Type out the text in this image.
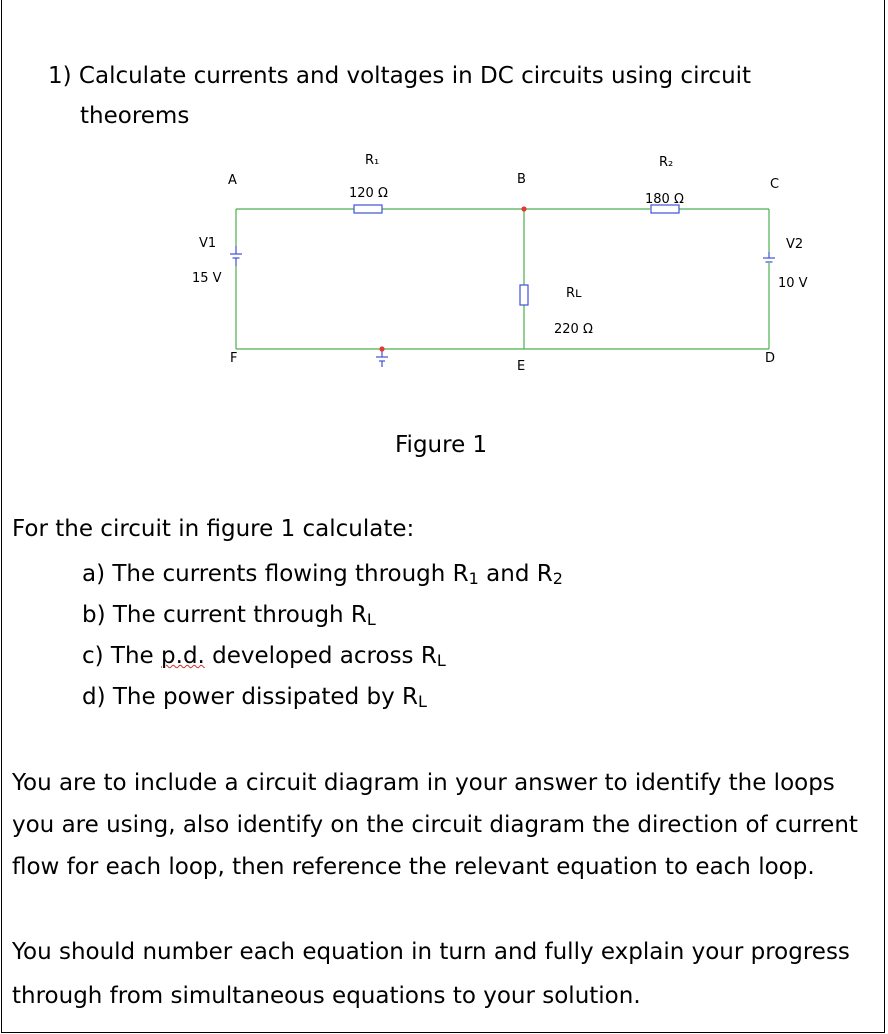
1) Calculate currents and voltages in DC circuits using circuit
theorems
A	B	C
D
E
F
R₁
120 Ω
R₂
180 Ω
Rʟ
220 Ω
V1
15 V
V2
10 V
Figure 1
For the circuit in figure 1 calculate:
a) The currents flowing through R1 and R2
b) The current through RL
c) The p.d. developed across RL
d) The power dissipated by RL
You are to include a circuit diagram in your answer to identify the loops you are using, also identify on the circuit diagram the direction of current flow for each loop, then reference the relevant equation to each loop.
You should number each equation in turn and fully explain your progress through from simultaneous equations to your solution.
